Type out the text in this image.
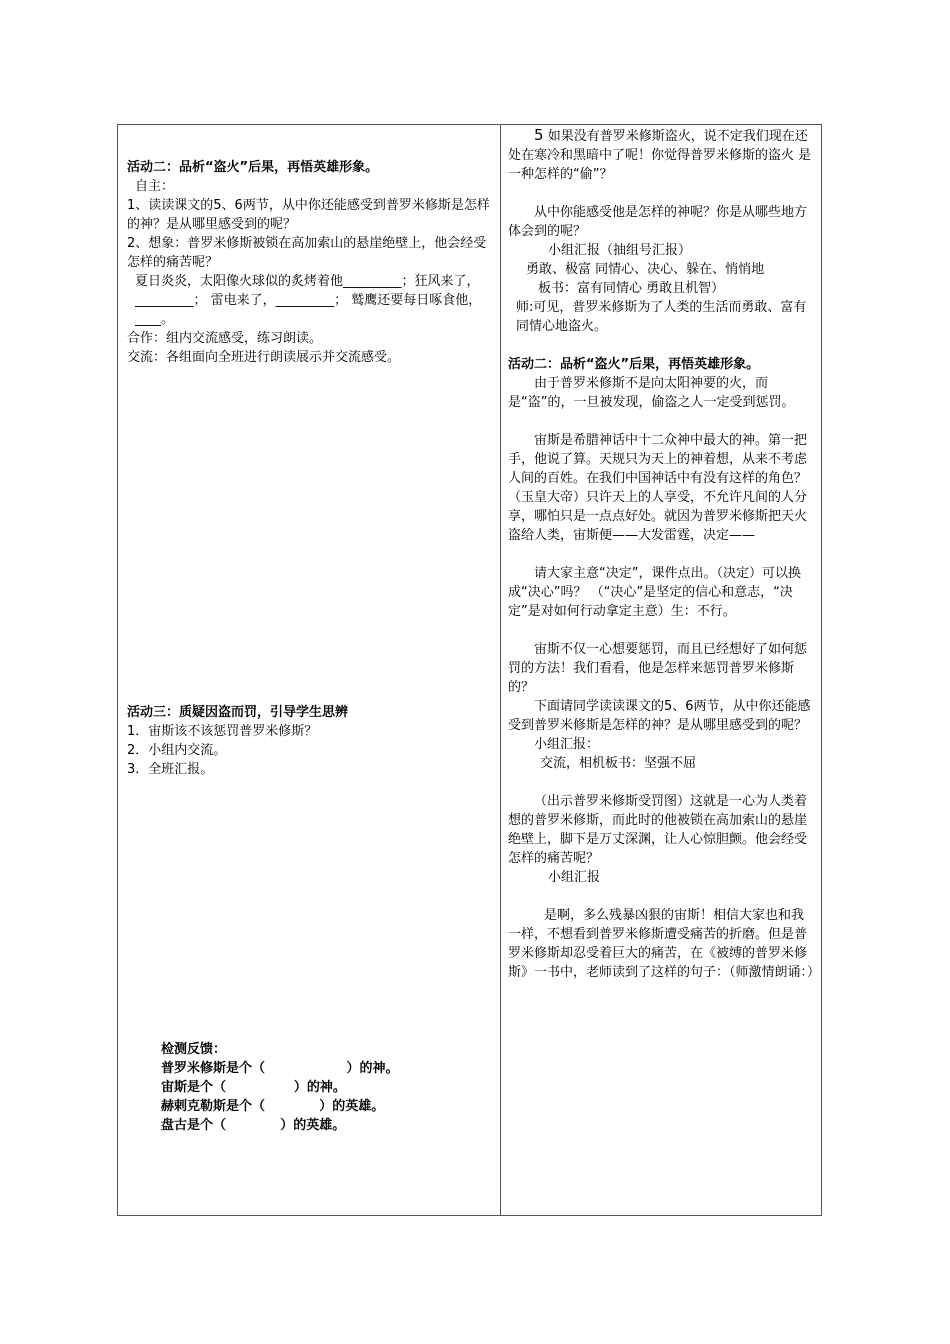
活动二：品析“盗火”后果，再悟英雄形象。

自主：

1、读读课文的5、6两节，从中你还能感受到普罗米修斯是怎样的神？是从哪里感受到的呢？

2、想象：普罗米修斯被锁在高加索山的悬崖绝壁上，他会经受怎样的痛苦呢？

夏日炎炎，太阳像火球似的炙烤着他_________；狂风来了，_________； 雷电来了，_________； 鹫鹰还要每日啄食他，____。

合作：组内交流感受，练习朗读。

交流：各组面向全班进行朗读展示并交流感受。

活动三：质疑因盗而罚，引导学生思辨

1．宙斯该不该惩罚普罗米修斯？

2．小组内交流。

3．全班汇报。

检测反馈：

普罗米修斯是个（                  ）的神。

宙斯是个（               ）的神。

赫剌克勒斯是个（            ）的英雄。

盘古是个（            ）的英雄。

5 如果没有普罗米修斯盗火，说不定我们现在还处在寒冷和黑暗中了呢！你觉得普罗米修斯的盗火 是一种怎样的“偷”？

从中你能感受他是怎样的神呢？你是从哪些地方体会到的呢？

小组汇报（抽组号汇报）

勇敢、极富 同情心、决心、躲在、悄悄地

板书：富有同情心 勇敢且机智）

师:可见，普罗米修斯为了人类的生活而勇敢、富有同情心地盗火。

活动二：品析“盗火”后果，再悟英雄形象。

由于普罗米修斯不是向太阳神要的火，而是“盗”的，一旦被发现，偷盗之人一定受到惩罚。

宙斯是希腊神话中十二众神中最大的神。第一把手，他说了算。天规只为天上的神着想，从来不考虑人间的百姓。在我们中国神话中有没有这样的角色？（玉皇大帝）只许天上的人享受，不允许凡间的人分享，哪怕只是一点点好处。就因为普罗米修斯把天火盗给人类，宙斯便——大发雷霆，决定——

请大家主意“决定”，课件点出。（决定）可以换成“决心”吗？ （“决心”是坚定的信心和意志，“决定”是对如何行动拿定主意）生：不行。

宙斯不仅一心想要惩罚，而且已经想好了如何惩罚的方法！我们看看，他是怎样来惩罚普罗米修斯的？

下面请同学读读课文的5、6两节，从中你还能感受到普罗米修斯是怎样的神？是从哪里感受到的呢？

小组汇报：

交流，相机板书：坚强不屈

（出示普罗米修斯受罚图）这就是一心为人类着想的普罗米修斯，而此时的他被锁在高加索山的悬崖绝壁上，脚下是万丈深渊，让人心惊胆颤。他会经受怎样的痛苦呢？

小组汇报

是啊，多么残暴凶狠的宙斯！相信大家也和我一样，不想看到普罗米修斯遭受痛苦的折磨。但是普罗米修斯却忍受着巨大的痛苦，在《被缚的普罗米修斯》一书中，老师读到了这样的句子：（师激情朗诵：）
